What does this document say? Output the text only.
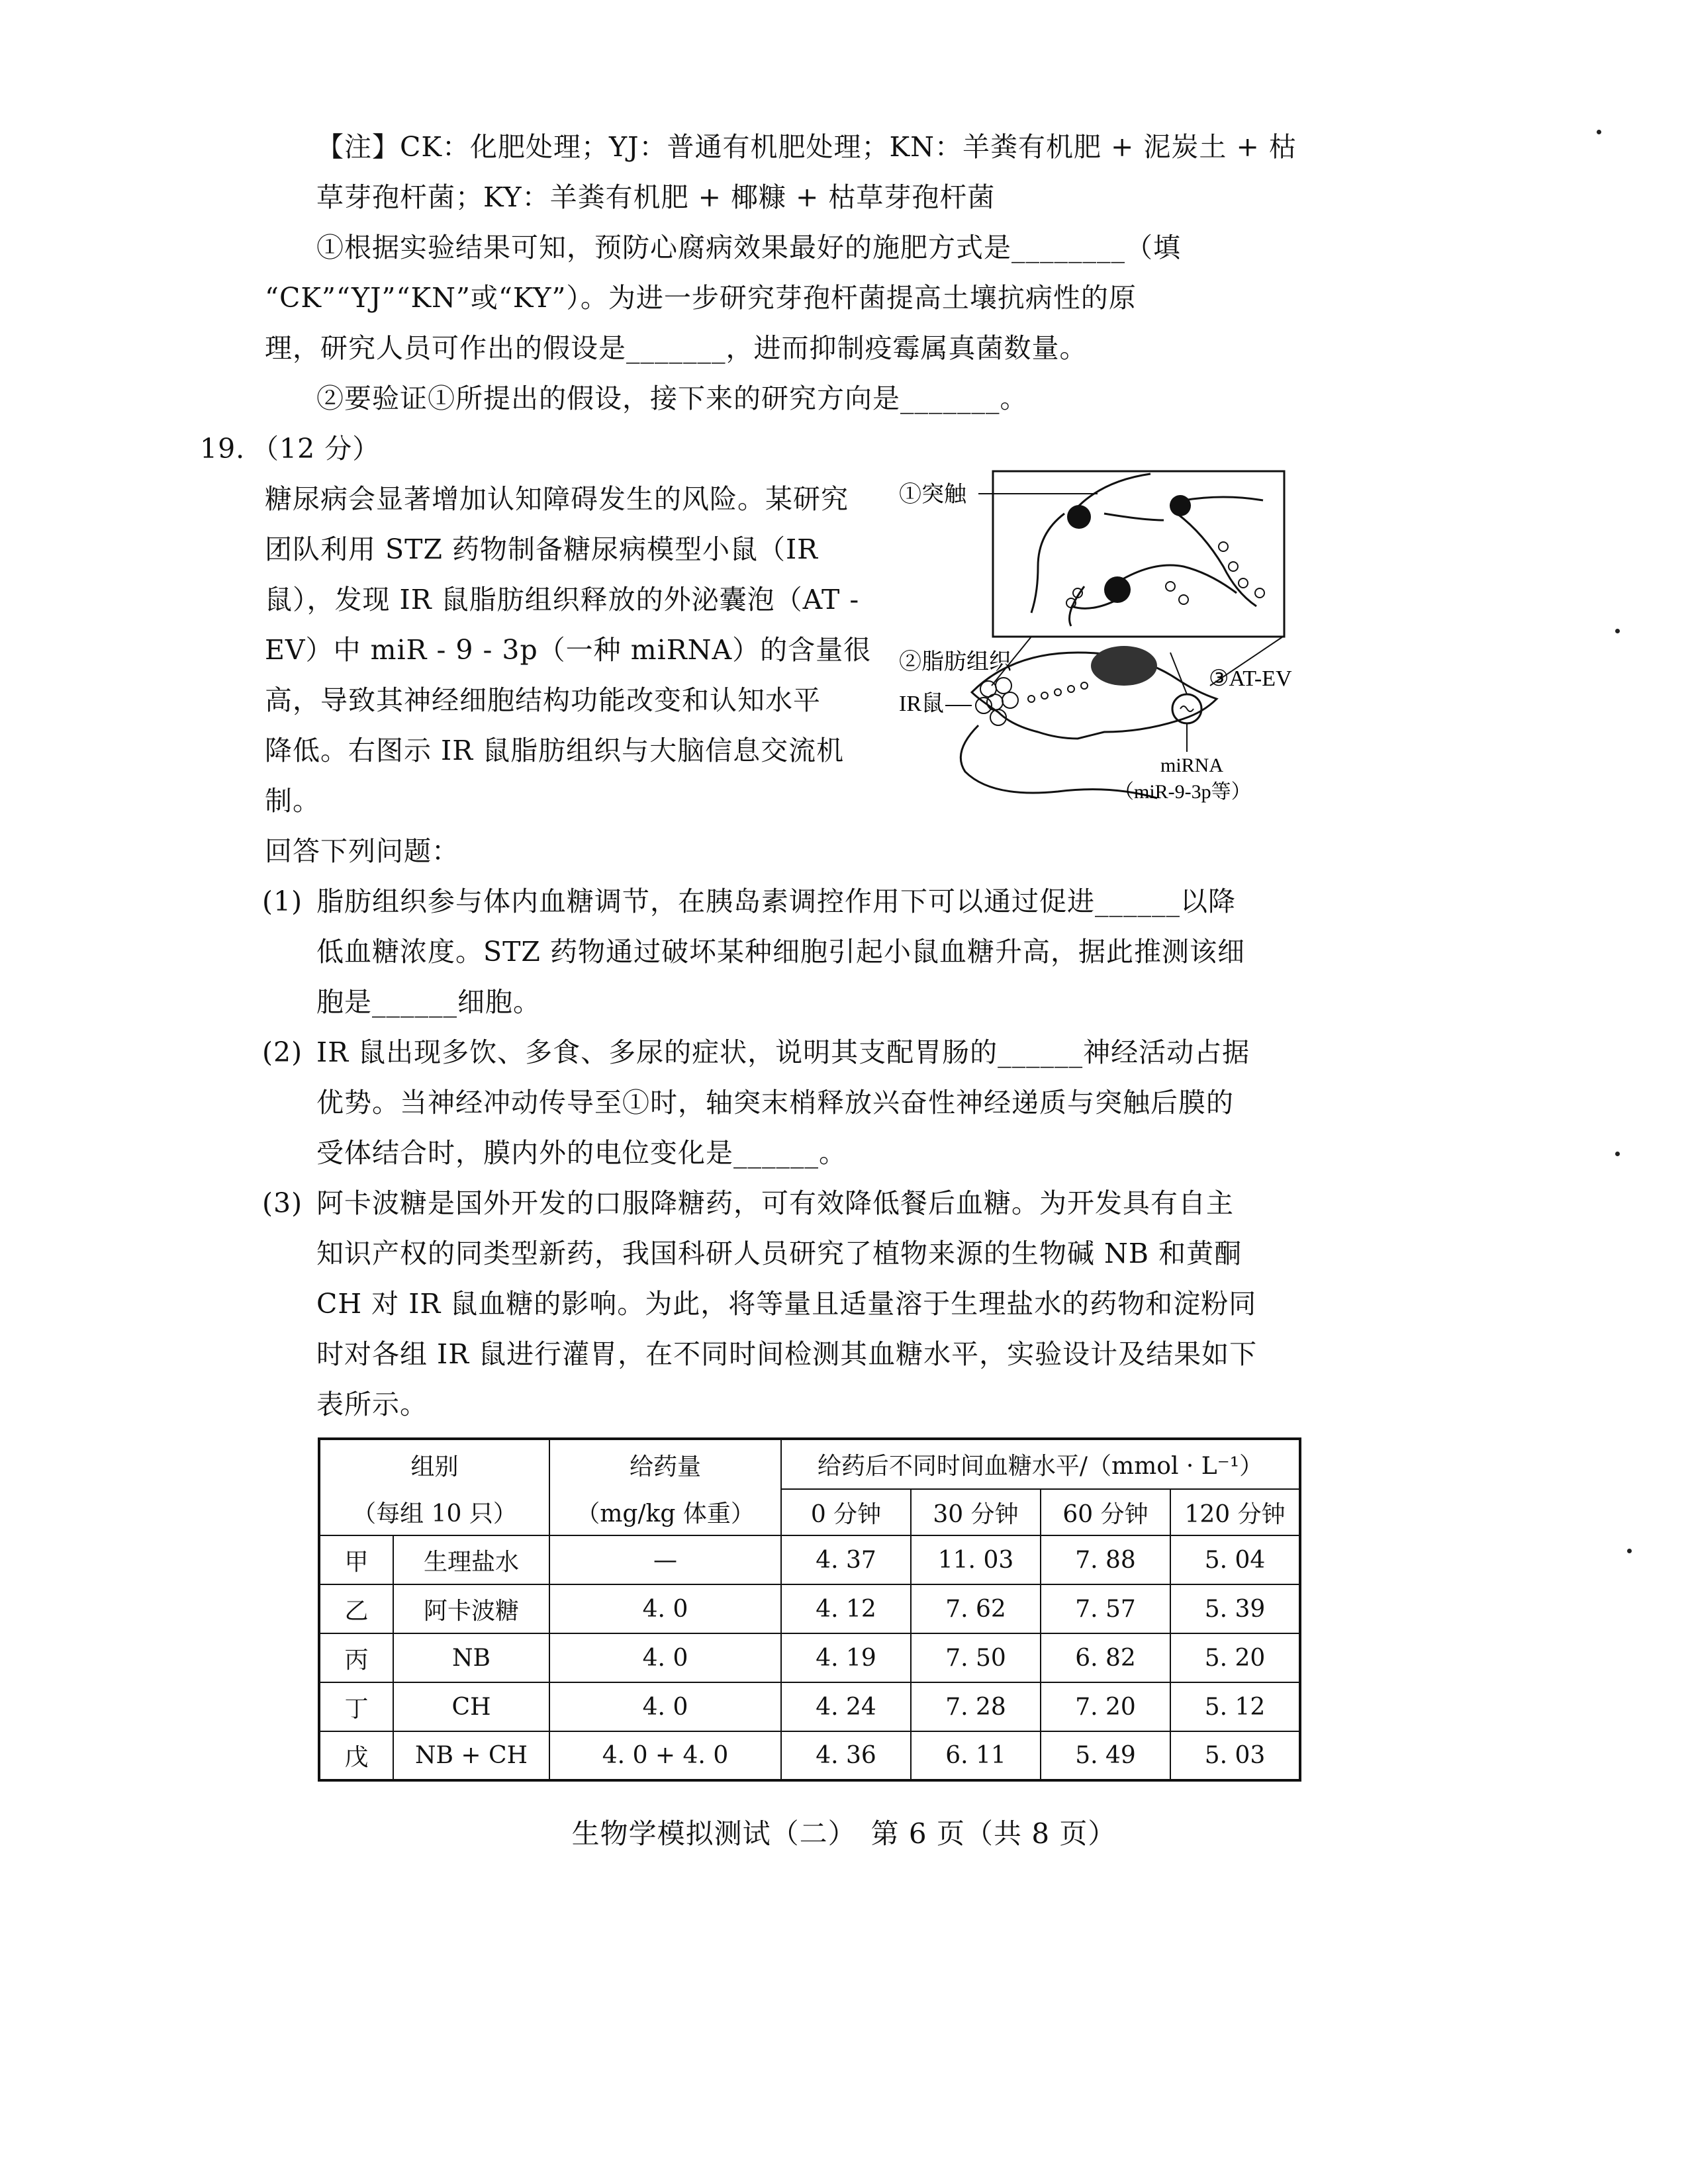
【注】CK：化肥处理；YJ：普通有机肥处理；KN：羊粪有机肥 + 泥炭土 + 枯
草芽孢杆菌；KY：羊粪有机肥 + 椰糠 + 枯草芽孢杆菌
①根据实验结果可知，预防心腐病效果最好的施肥方式是________（填
“CK”“YJ”“KN”或“KY”）。为进一步研究芽孢杆菌提高土壤抗病性的原
理，研究人员可作出的假设是_______，进而抑制疫霉属真菌数量。
②要验证①所提出的假设，接下来的研究方向是_______。
19. （12 分）
糖尿病会显著增加认知障碍发生的风险。某研究
团队利用 STZ 药物制备糖尿病模型小鼠（IR
鼠），发现 IR 鼠脂肪组织释放的外泌囊泡（AT -
EV）中 miR - 9 - 3p（一种 miRNA）的含量很
高，导致其神经细胞结构功能改变和认知水平
降低。右图示 IR 鼠脂肪组织与大脑信息交流机
制。
①突触
②脂肪组织
IR鼠
③AT-EV
miRNA
（miR-9-3p等）
回答下列问题：
(1) 脂肪组织参与体内血糖调节，在胰岛素调控作用下可以通过促进______以降
低血糖浓度。STZ 药物通过破坏某种细胞引起小鼠血糖升高，据此推测该细
胞是______细胞。
(2) IR 鼠出现多饮、多食、多尿的症状，说明其支配胃肠的______神经活动占据
优势。当神经冲动传导至①时，轴突末梢释放兴奋性神经递质与突触后膜的
受体结合时，膜内外的电位变化是______。
(3) 阿卡波糖是国外开发的口服降糖药，可有效降低餐后血糖。为开发具有自主
知识产权的同类型新药，我国科研人员研究了植物来源的生物碱 NB 和黄酮
CH 对 IR 鼠血糖的影响。为此，将等量且适量溶于生理盐水的药物和淀粉同
时对各组 IR 鼠进行灌胃，在不同时间检测其血糖水平，实验设计及结果如下
表所示。
组别		给药量	给药后不同时间血糖水平/（mmol · L⁻¹）			
（每组 10 只）		（mg/kg 体重）	0 分钟	30 分钟	60 分钟	120 分钟
甲	生理盐水	—	4. 37	11. 03	7. 88	5. 04
乙	阿卡波糖	4. 0	4. 12	7. 62	7. 57	5. 39
丙	NB	4. 0	4. 19	7. 50	6. 82	5. 20
丁	CH	4. 0	4. 24	7. 28	7. 20	5. 12
戊	NB + CH	4. 0 + 4. 0	4. 36	6. 11	5. 49	5. 03
生物学模拟测试（二）　第 6 页（共 8 页）
